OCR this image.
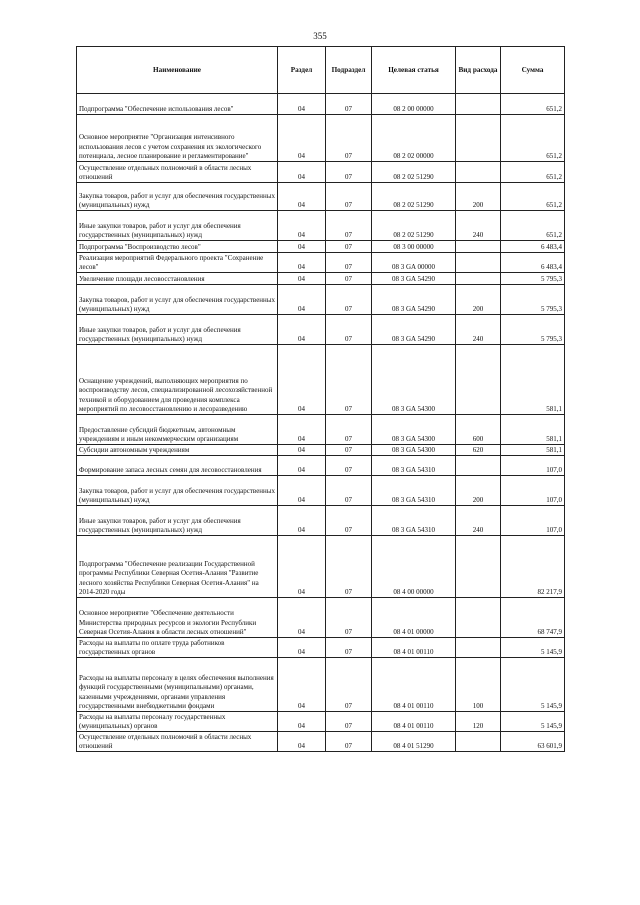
355
Наименование	Раздел	Подраздел	Целевая статья	Вид расхода	Сумма
Подпрограмма "Обеспечение использования лесов"	04	07	08 2 00 00000		651,2
Основное мероприятие "Организация интенсивного использования лесов с учетом сохранения их экологического потенциала, лесное планирование и регламентирование"	04	07	08 2 02 00000		651,2
Осуществление отдельных полномочий в области лесных отношений	04	07	08 2 02 51290		651,2
Закупка товаров, работ и услуг для обеспечения государственных (муниципальных) нужд	04	07	08 2 02 51290	200	651,2
Иные закупки товаров, работ и услуг для обеспечения государственных (муниципальных) нужд	04	07	08 2 02 51290	240	651,2
Подпрограмма "Воспроизводство лесов"	04	07	08 3 00 00000		6 483,4
Реализация мероприятий Федерального проекта "Сохранение лесов"	04	07	08 3 GA 00000		6 483,4
Увеличение площади лесовосстановления	04	07	08 3 GA 54290		5 795,3
Закупка товаров, работ и услуг для обеспечения государственных (муниципальных) нужд	04	07	08 3 GA 54290	200	5 795,3
Иные закупки товаров, работ и услуг для обеспечения государственных (муниципальных) нужд	04	07	08 3 GA 54290	240	5 795,3
Оснащение учреждений, выполняющих мероприятия по воспроизводству лесов, специализированной лесохозяйственной техникой и оборудованием для проведения комплекса мероприятий по лесовосстановлению и лесоразведению	04	07	08 3 GA 54300		581,1
Предоставление субсидий бюджетным, автономным учреждениям и иным некоммерческим организациям	04	07	08 3 GA 54300	600	581,1
Субсидии автономным учреждениям	04	07	08 3 GA 54300	620	581,1
Формирование запаса лесных семян для лесовосстановления	04	07	08 3 GA 54310		107,0
Закупка товаров, работ и услуг для обеспечения государственных (муниципальных) нужд	04	07	08 3 GA 54310	200	107,0
Иные закупки товаров, работ и услуг для обеспечения государственных (муниципальных) нужд	04	07	08 3 GA 54310	240	107,0
Подпрограмма "Обеспечение реализации Государственной программы Республики Северная Осетия-Алания "Развитие лесного хозяйства Республики Северная Осетия-Алания" на 2014-2020 годы	04	07	08 4 00 00000		82 217,9
Основное мероприятие "Обеспечение деятельности Министерства природных ресурсов и экологии Республики Северная Осетия-Алания в области лесных отношений"	04	07	08 4 01 00000		68 747,9
Расходы на выплаты по оплате труда работников государственных органов	04	07	08 4 01 00110		5 145,9
Расходы на выплаты персоналу в целях обеспечения выполнения функций государственными (муниципальными) органами, казенными учреждениями, органами управления государственными внебюджетными фондами	04	07	08 4 01 00110	100	5 145,9
Расходы на выплаты персоналу государственных (муниципальных) органов	04	07	08 4 01 00110	120	5 145,9
Осуществление отдельных полномочий в области лесных отношений	04	07	08 4 01 51290		63 601,9
